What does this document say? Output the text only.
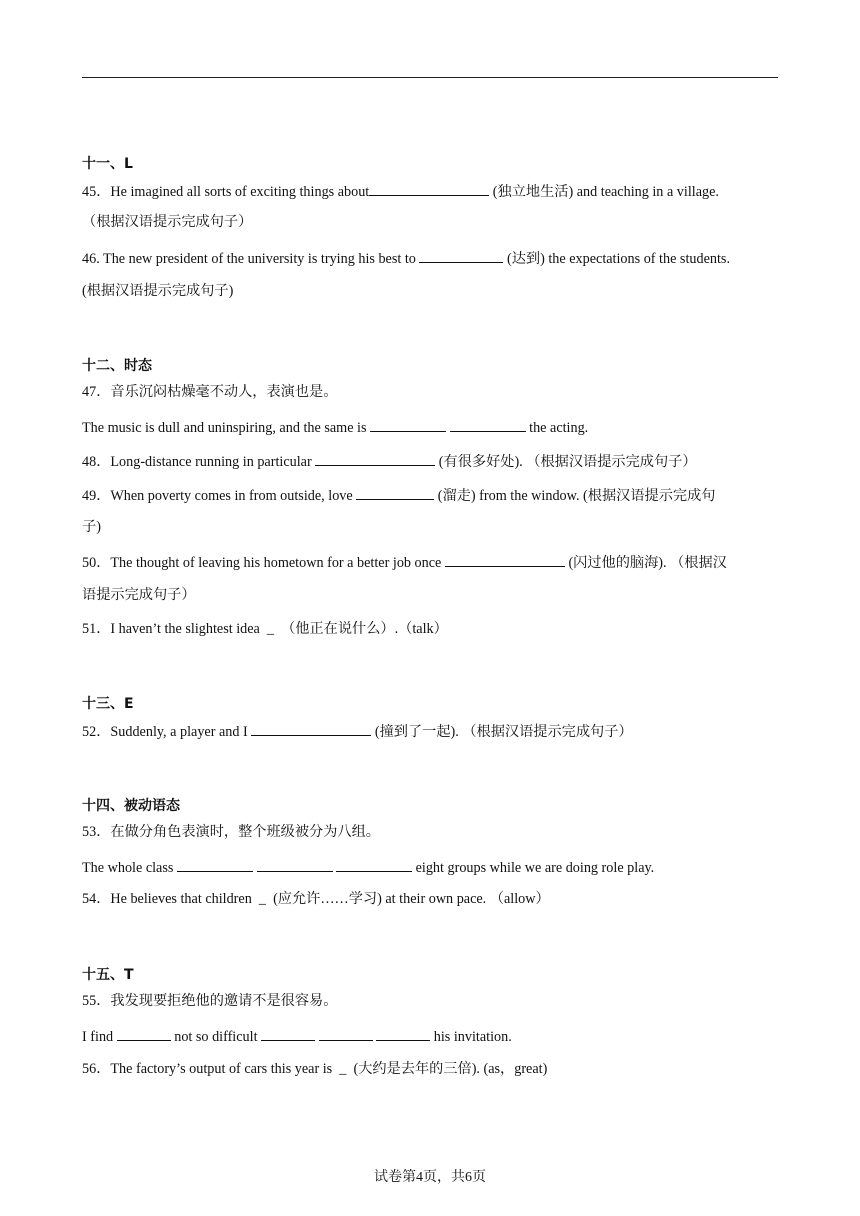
十一、L
45．He imagined all sorts of exciting things about	(独立地生活) and teaching in a village.
（根据汉语提示完成句子）
46. The new president of the university is trying his best to	(达到) the expectations of the students.
(根据汉语提示完成句子)
十二、时态
47．音乐沉闷枯燥毫不动人，表演也是。
The music is dull and uninspiring, and the same is	the acting.
48．Long-distance running in particular	(有很多好处). （根据汉语提示完成句子）
49．When poverty comes in from outside, love	(溜走) from the window. (根据汉语提示完成句
子)
50．The thought of leaving his hometown for a better job once	(闪过他的脑海). （根据汉
语提示完成句子）
51．I haven’t the slightest idea  _  （他正在说什么）.（talk）
十三、E
52．Suddenly, a player and I	(撞到了一起). （根据汉语提示完成句子）
十四、被动语态
53．在做分角色表演时，整个班级被分为八组。
The whole class	eight groups while we are doing role play.
54．He believes that children  _  (应允许……学习) at their own pace. （allow）
十五、T
55．我发现要拒绝他的邀请不是很容易。
I find	not so difficult	his invitation.
56．The factory’s output of cars this year is  _  (大约是去年的三倍). (as，great)
试卷第4页，共6页
